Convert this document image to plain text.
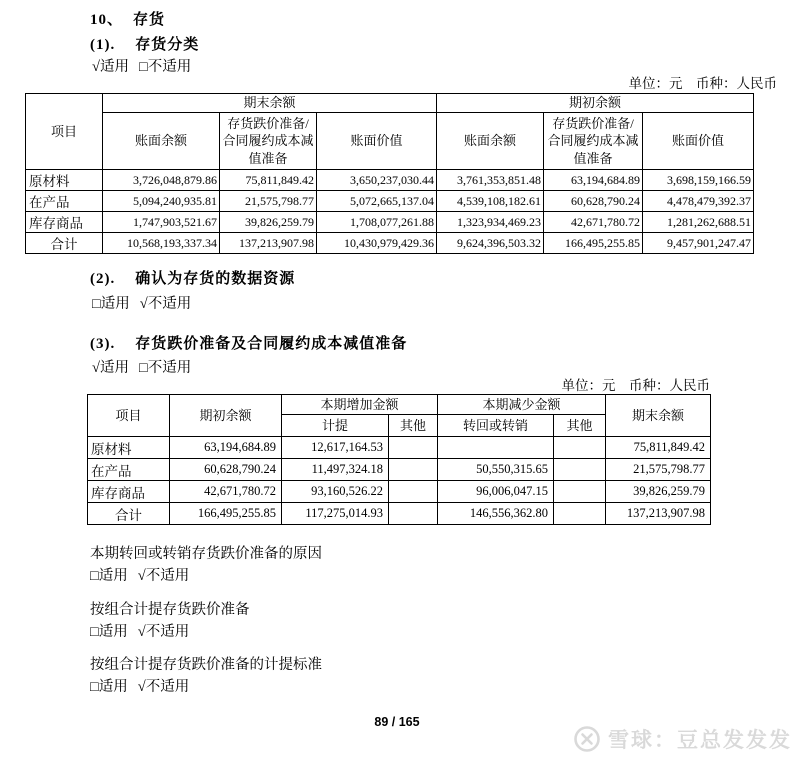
10、 存货
(1). 存货分类
√适用 □不适用
单位：元　币种：人民币
项目	期末余额			期初余额		
	账面余额	存货跌价准备/合同履约成本减值准备	账面价值	账面余额	存货跌价准备/合同履约成本减值准备	账面价值
原材料	3,726,048,879.86	75,811,849.42	3,650,237,030.44	3,761,353,851.48	63,194,684.89	3,698,159,166.59
在产品	5,094,240,935.81	21,575,798.77	5,072,665,137.04	4,539,108,182.61	60,628,790.24	4,478,479,392.37
库存商品	1,747,903,521.67	39,826,259.79	1,708,077,261.88	1,323,934,469.23	42,671,780.72	1,281,262,688.51
合计	10,568,193,337.34	137,213,907.98	10,430,979,429.36	9,624,396,503.32	166,495,255.85	9,457,901,247.47
(2). 确认为存货的数据资源
□适用 √不适用
(3). 存货跌价准备及合同履约成本减值准备
√适用 □不适用
单位：元　币种：人民币
项目	期初余额	本期增加金额		本期减少金额		期末余额
		计提	其他	转回或转销	其他	
原材料	63,194,684.89	12,617,164.53				75,811,849.42
在产品	60,628,790.24	11,497,324.18		50,550,315.65		21,575,798.77
库存商品	42,671,780.72	93,160,526.22		96,006,047.15		39,826,259.79
合计	166,495,255.85	117,275,014.93		146,556,362.80		137,213,907.98
本期转回或转销存货跌价准备的原因
□适用 √不适用
按组合计提存货跌价准备
□适用 √不适用
按组合计提存货跌价准备的计提标准
□适用 √不适用
89 / 165
雪球：豆总发发发
